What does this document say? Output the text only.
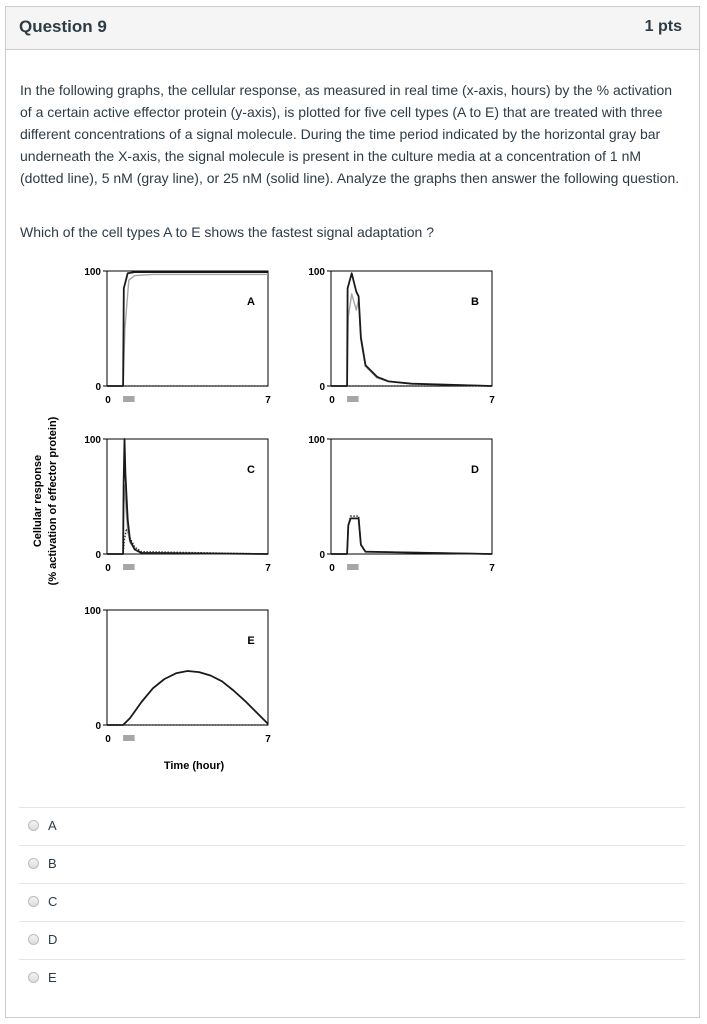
Question 9	1 pts
In the following graphs, the cellular response, as measured in real time (x-axis, hours) by the % activation of a certain active effector protein (y-axis), is plotted for five cell types (A to E) that are treated with three different concentrations of a signal molecule. During the time period indicated by the horizontal gray bar underneath the X-axis, the signal molecule is present in the culture media at a concentration of 1 nM (dotted line), 5 nM (gray line), or 25 nM (solid line). Analyze the graphs then answer the following question.
Which of the cell types A to E shows the fastest signal adaptation ?
Cellular response (% activation of effector protein)
Time (hour)
100
0
0	7
A
100
0
0	7
B
100
0
0	7
C
100
0
0	7
D
100
0
0	7
E
A
B
C
D
E
